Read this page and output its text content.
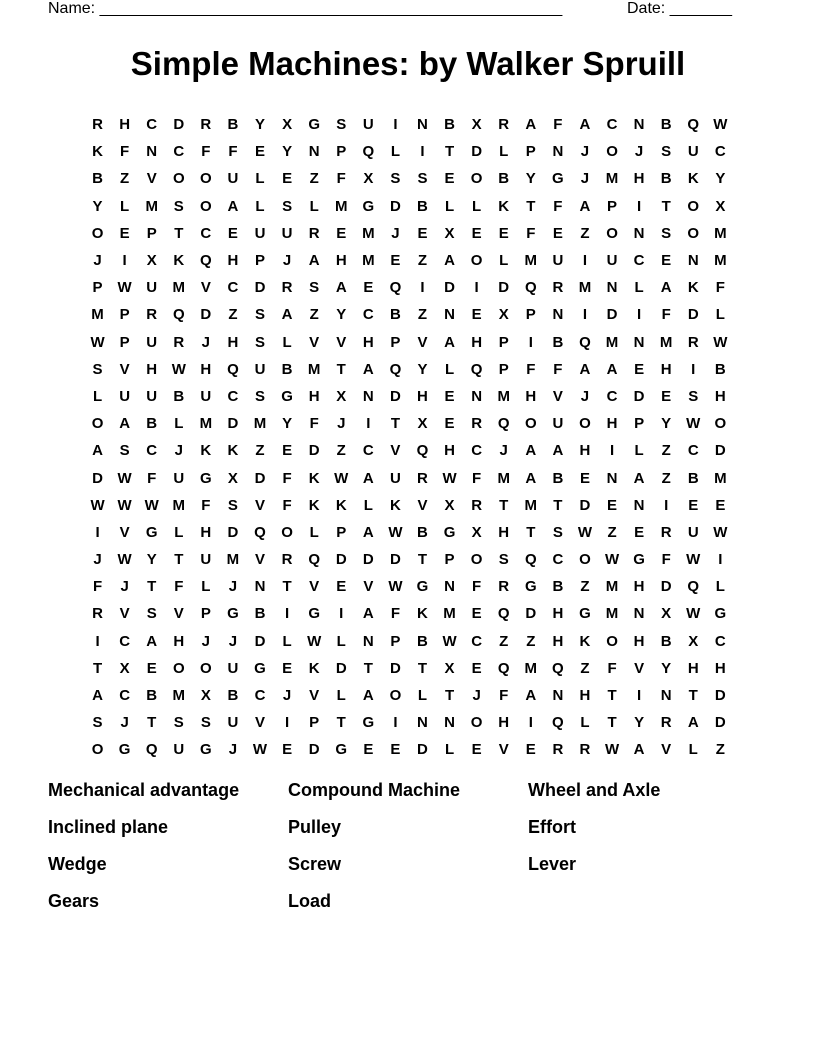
Name: ____________________________________________________	Date: _______
Simple Machines: by Walker Spruill
R	H	C	D	R	B	Y	X	G	S	U	I	N	B	X	R	A	F	A	C	N	B	Q W
K	F	N	C	F	F	E	Y	N	P	Q	L	I	T	D	L	P	N	J	O	J	S	U	C
B	Z	V	O	O	U	L	E	Z	F	X	S	S	E	O	B	Y	G	J	M	H	B	K	Y
Y	L	M	S	O	A	L	S	L	M	G	D	B	L	L	K	T	F	A	P	I	T	O	X
O	E	P	T	C	E	U	U	R	E	M	J	E	X	E	E	F	E	Z	O	N	S	O M
J	I	X	K	Q	H	P	J	A	H	M	E	Z	A	O	L	M	U	I	U	C	E	N	M
P W U	M	V	C	D	R	S	A	E	Q	I	D	I	D	Q	R	M	N	L	A	K	F
M	P	R	Q	D	Z	S	A	Z	Y	C	B	Z	N	E	X	P	N	I	D	I	F	D	L
W P	U	R	J	H	S	L	V	V	H	P	V	A	H	P	I	B	Q M	N	M	R W
S	V	H W H	Q	U	B	M	T	A	Q	Y	L	Q	P	F	F	A	A	E	H	I	B
L	U	U	B	U	C	S	G	H	X	N	D	H	E	N	M	H	V	J	C	D	E	S	H
O	A	B	L	M	D	M	Y	F	J	I	T	X	E	R	Q	O	U	O	H	P	Y W O
A	S	C	J	K	K	Z	E	D	Z	C	V	Q	H	C	J	A	A	H	I	L	Z	C	D
D W	F	U	G	X	D	F	K W A	U	R W	F	M	A	B	E	N	A	Z	B	M
W W W M	F	S	V	F	K	K	L	K	V	X	R	T	M	T	D	E	N	I	E	E
I	V	G	L	H	D	Q	O	L	P	A W B	G	X	H	T	S W	Z	E	R	U W
J	W Y	T	U	M	V	R	Q	D	D	D	T	P	O	S	Q	C	O W G	F	W	I
F	J	T	F	L	J	N	T	V	E	V W G	N	F	R	G	B	Z	M	H	D	Q	L
R	V	S	V	P	G	B	I	G	I	A	F	K	M	E	Q	D	H	G M	N	X W G
I	C	A	H	J	J	D	L	W	L	N	P	B W C	Z	Z	H	K	O	H	B	X	C
T	X	E	O	O	U	G	E	K	D	T	D	T	X	E	Q M	Q	Z	F	V	Y	H	H
A	C	B	M	X	B	C	J	V	L	A	O	L	T	J	F	A	N	H	T	I	N	T	D
S	J	T	S	S	U	V	I	P	T	G	I	N	N	O	H	I	Q	L	T	Y	R	A	D
O	G	Q	U	G	J	W E	D	G	E	E	D	L	E	V	E	R	R W A	V	L	Z
Mechanical advantage	Compound Machine	Wheel and Axle
Inclined plane	Pulley	Effort
Wedge	Screw	Lever
Gears	Load
